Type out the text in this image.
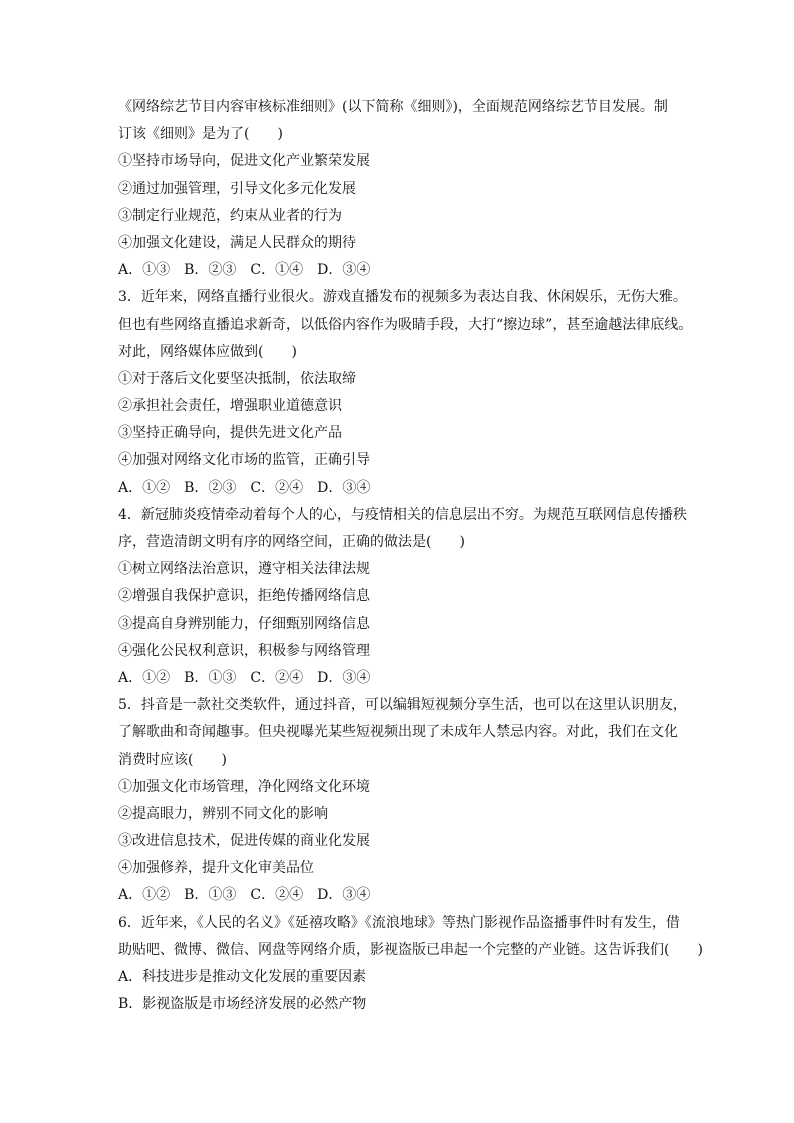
《网络综艺节目内容审核标准细则》(以下简称《细则》)，全面规范网络综艺节目发展。制
订该《细则》是为了(　　)
①坚持市场导向，促进文化产业繁荣发展
②通过加强管理，引导文化多元化发展
③制定行业规范，约束从业者的行为
④加强文化建设，满足人民群众的期待
A．①③　B．②③　C．①④　D．③④
3．近年来，网络直播行业很火。游戏直播发布的视频多为表达自我、休闲娱乐，无伤大雅。
但也有些网络直播追求新奇，以低俗内容作为吸睛手段，大打“擦边球”，甚至逾越法律底线。
对此，网络媒体应做到(　　)
①对于落后文化要坚决抵制，依法取缔
②承担社会责任，增强职业道德意识
③坚持正确导向，提供先进文化产品
④加强对网络文化市场的监管，正确引导
A．①②　B．②③　C．②④　D．③④
4．新冠肺炎疫情牵动着每个人的心，与疫情相关的信息层出不穷。为规范互联网信息传播秩
序，营造清朗文明有序的网络空间，正确的做法是(　　)
①树立网络法治意识，遵守相关法律法规
②增强自我保护意识，拒绝传播网络信息
③提高自身辨别能力，仔细甄别网络信息
④强化公民权利意识，积极参与网络管理
A．①②　B．①③　C．②④　D．③④
5．抖音是一款社交类软件，通过抖音，可以编辑短视频分享生活，也可以在这里认识朋友，
了解歌曲和奇闻趣事。但央视曝光某些短视频出现了未成年人禁忌内容。对此，我们在文化
消费时应该(　　)
①加强文化市场管理，净化网络文化环境
②提高眼力，辨别不同文化的影响
③改进信息技术，促进传媒的商业化发展
④加强修养，提升文化审美品位
A．①②　B．①③　C．②④　D．③④
6．近年来，《人民的名义》《延禧攻略》《流浪地球》等热门影视作品盗播事件时有发生，借
助贴吧、微博、微信、网盘等网络介质，影视盗版已串起一个完整的产业链。这告诉我们(　　)
A．科技进步是推动文化发展的重要因素
B．影视盗版是市场经济发展的必然产物
